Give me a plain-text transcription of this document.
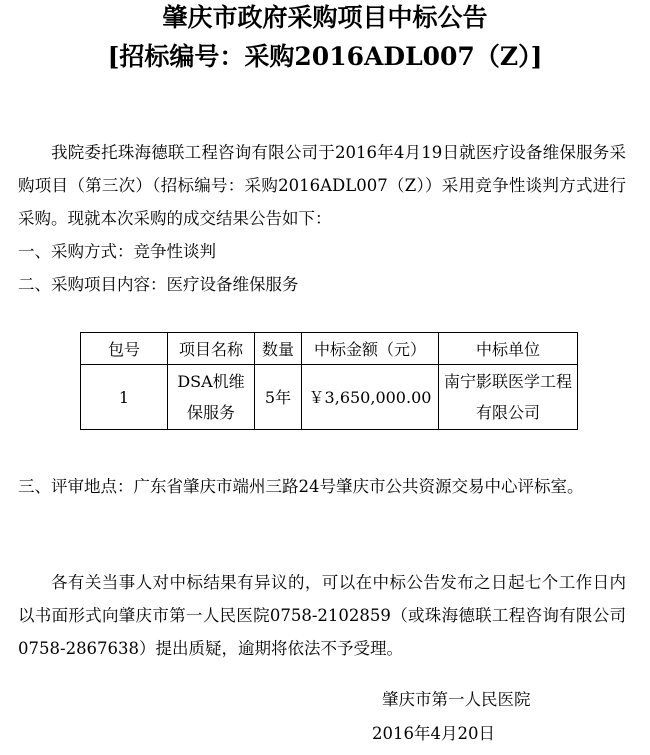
肇庆市政府采购项目中标公告
[招标编号：采购2016ADL007（Z）]

我院委托珠海德联工程咨询有限公司于2016年4月19日就医疗设备维保服务采购项目（第三次）（招标编号：采购2016ADL007（Z））采用竞争性谈判方式进行采购。现就本次采购的成交结果公告如下：

一、采购方式：竞争性谈判

二、采购项目内容：医疗设备维保服务

包号	项目名称	数量	中标金额（元）	中标单位
1	DSA机维保服务	5年	￥3,650,000.00	南宁影联医学工程有限公司

三、评审地点：广东省肇庆市端州三路24号肇庆市公共资源交易中心评标室。

各有关当事人对中标结果有异议的，可以在中标公告发布之日起七个工作日内以书面形式向肇庆市第一人民医院0758-2102859（或珠海德联工程咨询有限公司0758-2867638）提出质疑，逾期将依法不予受理。

肇庆市第一人民医院

2016年4月20日
